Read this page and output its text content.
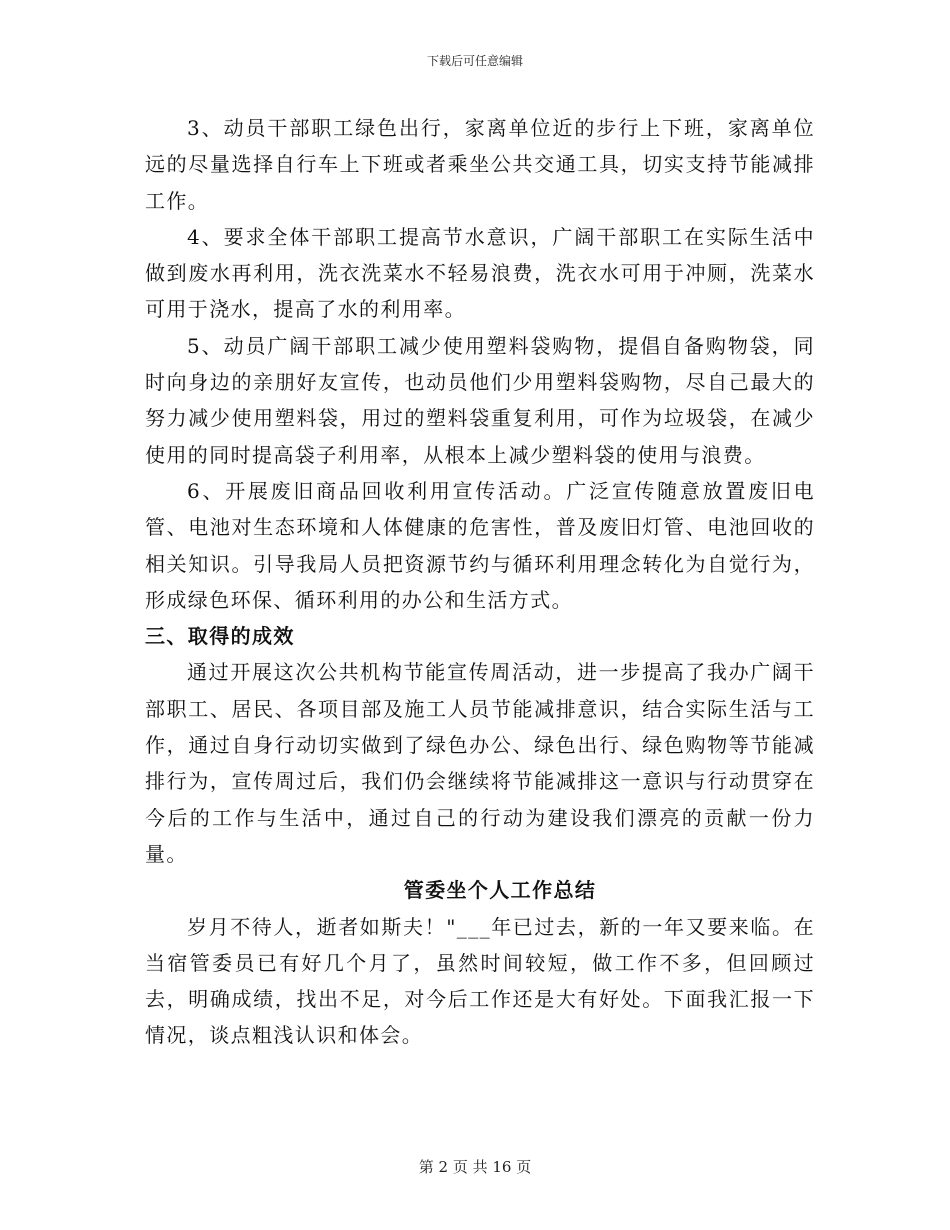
下载后可任意编辑

3、动员干部职工绿色出行，家离单位近的步行上下班，家离单位远的尽量选择自行车上下班或者乘坐公共交通工具，切实支持节能减排工作。

4、要求全体干部职工提高节水意识，广阔干部职工在实际生活中做到废水再利用，洗衣洗菜水不轻易浪费，洗衣水可用于冲厕，洗菜水可用于浇水，提高了水的利用率。

5、动员广阔干部职工减少使用塑料袋购物，提倡自备购物袋，同时向身边的亲朋好友宣传，也动员他们少用塑料袋购物，尽自己最大的努力减少使用塑料袋，用过的塑料袋重复利用，可作为垃圾袋，在减少使用的同时提高袋子利用率，从根本上减少塑料袋的使用与浪费。

6、开展废旧商品回收利用宣传活动。广泛宣传随意放置废旧电管、电池对生态环境和人体健康的危害性，普及废旧灯管、电池回收的相关知识。引导我局人员把资源节约与循环利用理念转化为自觉行为，形成绿色环保、循环利用的办公和生活方式。

三、取得的成效

通过开展这次公共机构节能宣传周活动，进一步提高了我办广阔干部职工、居民、各项目部及施工人员节能减排意识，结合实际生活与工作，通过自身行动切实做到了绿色办公、绿色出行、绿色购物等节能减排行为，宣传周过后，我们仍会继续将节能减排这一意识与行动贯穿在今后的工作与生活中，通过自己的行动为建设我们漂亮的贡献一份力量。

管委坐个人工作总结

岁月不待人，逝者如斯夫！"___年已过去，新的一年又要来临。在当宿管委员已有好几个月了，虽然时间较短，做工作不多，但回顾过去，明确成绩，找出不足，对今后工作还是大有好处。下面我汇报一下情况，谈点粗浅认识和体会。

第 2 页 共 16 页
